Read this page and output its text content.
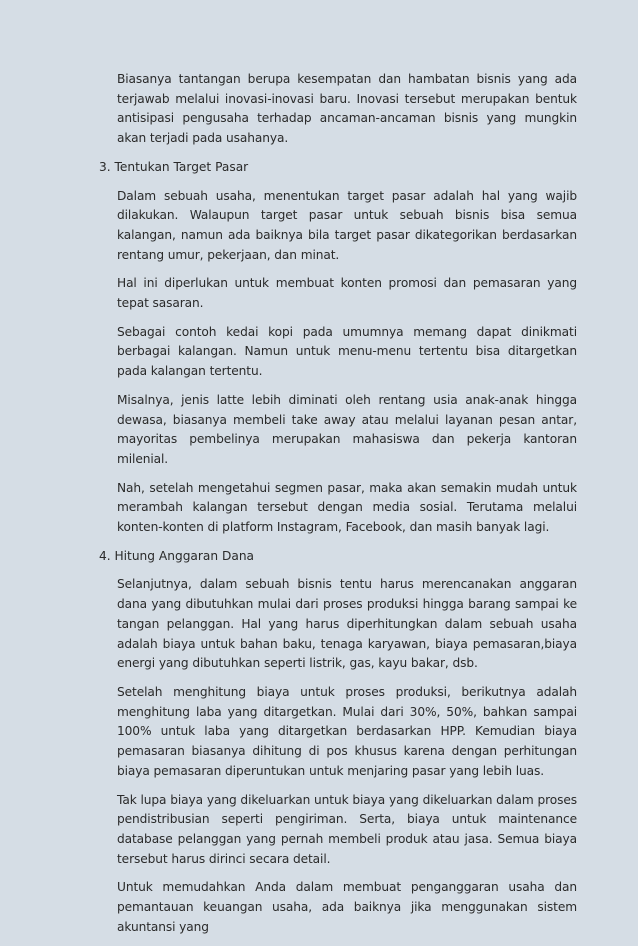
Biasanya tantangan berupa kesempatan dan hambatan bisnis yang ada terjawab melalui inovasi-inovasi baru. Inovasi tersebut merupakan bentuk antisipasi pengusaha terhadap ancaman-ancaman bisnis yang mungkin akan terjadi pada usahanya.

3. Tentukan Target Pasar

Dalam sebuah usaha, menentukan target pasar adalah hal yang wajib dilakukan. Walaupun target pasar untuk sebuah bisnis bisa semua kalangan, namun ada baiknya bila target pasar dikategorikan berdasarkan rentang umur, pekerjaan, dan minat.

Hal ini diperlukan untuk membuat konten promosi dan pemasaran yang tepat sasaran.

Sebagai contoh kedai kopi pada umumnya memang dapat dinikmati berbagai kalangan. Namun untuk menu-menu tertentu bisa ditargetkan pada kalangan tertentu.

Misalnya, jenis latte lebih diminati oleh rentang usia anak-anak hingga dewasa, biasanya membeli take away atau melalui layanan pesan antar, mayoritas pembelinya merupakan mahasiswa dan pekerja kantoran milenial.

Nah, setelah mengetahui segmen pasar, maka akan semakin mudah untuk merambah kalangan tersebut dengan media sosial. Terutama melalui konten-konten di platform Instagram, Facebook, dan masih banyak lagi.

4. Hitung Anggaran Dana

Selanjutnya, dalam sebuah bisnis tentu harus merencanakan anggaran dana yang dibutuhkan mulai dari proses produksi hingga barang sampai ke tangan pelanggan. Hal yang harus diperhitungkan dalam sebuah usaha adalah biaya untuk bahan baku, tenaga karyawan, biaya pemasaran,biaya energi yang dibutuhkan seperti listrik, gas, kayu bakar, dsb.

Setelah menghitung biaya untuk proses produksi, berikutnya adalah menghitung laba yang ditargetkan. Mulai dari 30%, 50%, bahkan sampai 100% untuk laba yang ditargetkan berdasarkan HPP. Kemudian biaya pemasaran biasanya dihitung di pos khusus karena dengan perhitungan biaya pemasaran diperuntukan untuk menjaring pasar yang lebih luas.

Tak lupa biaya yang dikeluarkan untuk biaya yang dikeluarkan dalam proses pendistribusian seperti pengiriman. Serta, biaya untuk maintenance database pelanggan yang pernah membeli produk atau jasa. Semua biaya tersebut harus dirinci secara detail.

Untuk memudahkan Anda dalam membuat penganggaran usaha dan pemantauan keuangan usaha, ada baiknya jika menggunakan sistem akuntansi yang
